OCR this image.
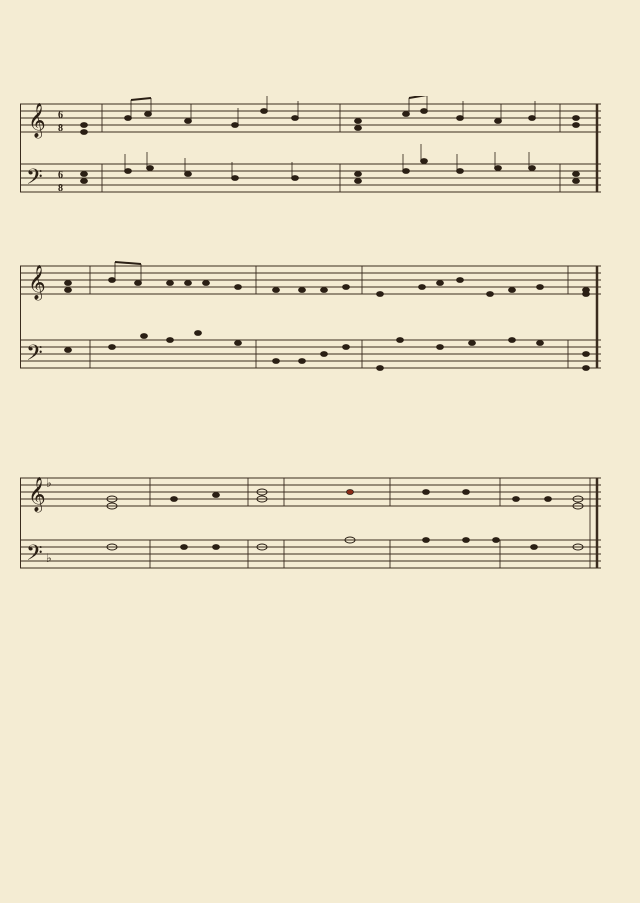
𝄞
𝄢
6
8
6
8
𝄞
𝄢
𝄞
𝄢
♭
♭
